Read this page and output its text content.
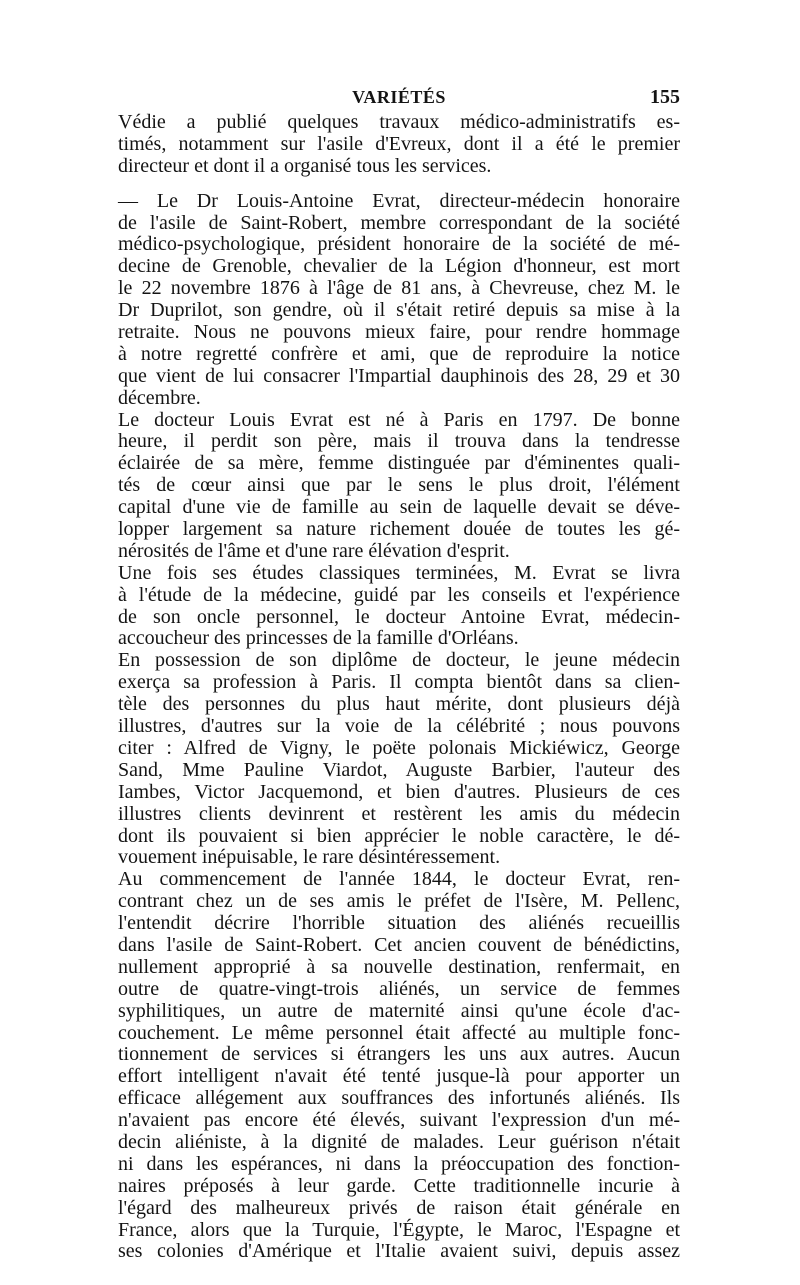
VARIÉTÉS	155
Védie a publié quelques travaux médico-administratifs es-
timés, notamment sur l'asile d'Evreux, dont il a été le premier
directeur et dont il a organisé tous les services.
— Le Dr Louis-Antoine Evrat, directeur-médecin honoraire
de l'asile de Saint-Robert, membre correspondant de la société
médico-psychologique, président honoraire de la société de mé-
decine de Grenoble, chevalier de la Légion d'honneur, est mort
le 22 novembre 1876 à l'âge de 81 ans, à Chevreuse, chez M. le
Dr Duprilot, son gendre, où il s'était retiré depuis sa mise à la
retraite. Nous ne pouvons mieux faire, pour rendre hommage
à notre regretté confrère et ami, que de reproduire la notice
que vient de lui consacrer l'Impartial dauphinois des 28, 29 et 30
décembre.
Le docteur Louis Evrat est né à Paris en 1797. De bonne
heure, il perdit son père, mais il trouva dans la tendresse
éclairée de sa mère, femme distinguée par d'éminentes quali-
tés de cœur ainsi que par le sens le plus droit, l'élément
capital d'une vie de famille au sein de laquelle devait se déve-
lopper largement sa nature richement douée de toutes les gé-
nérosités de l'âme et d'une rare élévation d'esprit.
Une fois ses études classiques terminées, M. Evrat se livra
à l'étude de la médecine, guidé par les conseils et l'expérience
de son oncle personnel, le docteur Antoine Evrat, médecin-
accoucheur des princesses de la famille d'Orléans.
En possession de son diplôme de docteur, le jeune médecin
exerça sa profession à Paris. Il compta bientôt dans sa clien-
tèle des personnes du plus haut mérite, dont plusieurs déjà
illustres, d'autres sur la voie de la célébrité ; nous pouvons
citer : Alfred de Vigny, le poëte polonais Mickiéwicz, George
Sand, Mme Pauline Viardot, Auguste Barbier, l'auteur des
Iambes, Victor Jacquemond, et bien d'autres. Plusieurs de ces
illustres clients devinrent et restèrent les amis du médecin
dont ils pouvaient si bien apprécier le noble caractère, le dé-
vouement inépuisable, le rare désintéressement.
Au commencement de l'année 1844, le docteur Evrat, ren-
contrant chez un de ses amis le préfet de l'Isère, M. Pellenc,
l'entendit décrire l'horrible situation des aliénés recueillis
dans l'asile de Saint-Robert. Cet ancien couvent de bénédictins,
nullement approprié à sa nouvelle destination, renfermait, en
outre de quatre-vingt-trois aliénés, un service de femmes
syphilitiques, un autre de maternité ainsi qu'une école d'ac-
couchement. Le même personnel était affecté au multiple fonc-
tionnement de services si étrangers les uns aux autres. Aucun
effort intelligent n'avait été tenté jusque-là pour apporter un
efficace allégement aux souffrances des infortunés aliénés. Ils
n'avaient pas encore été élevés, suivant l'expression d'un mé-
decin aliéniste, à la dignité de malades. Leur guérison n'était
ni dans les espérances, ni dans la préoccupation des fonction-
naires préposés à leur garde. Cette traditionnelle incurie à
l'égard des malheureux privés de raison était générale en
France, alors que la Turquie, l'Égypte, le Maroc, l'Espagne et
ses colonies d'Amérique et l'Italie avaient suivi, depuis assez
